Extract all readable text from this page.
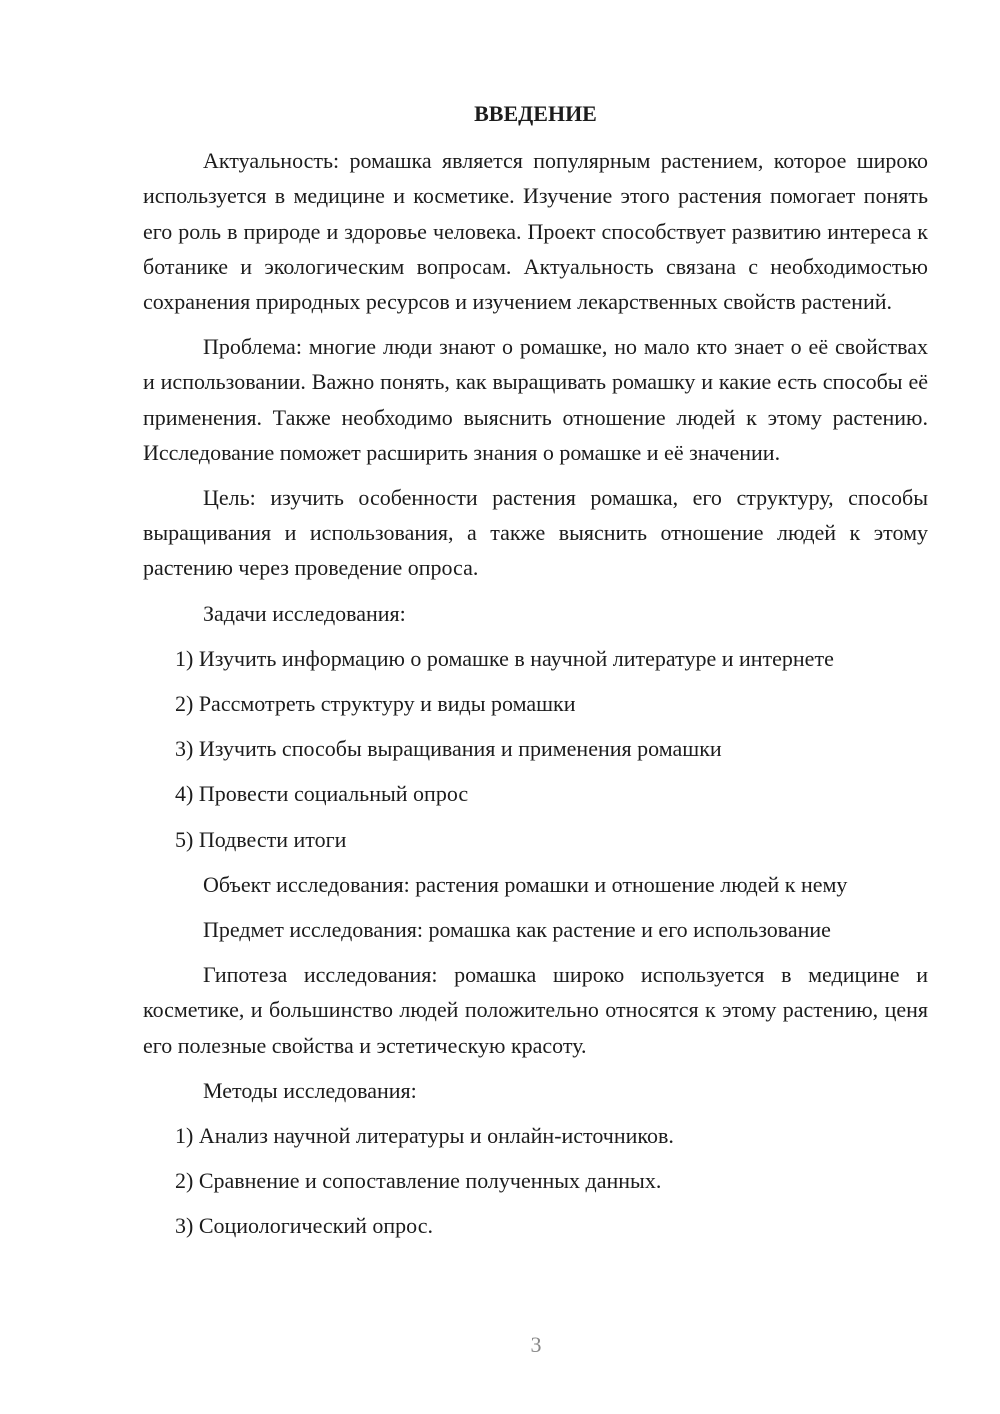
ВВЕДЕНИЕ

Актуальность: ромашка является популярным растением, которое широко используется в медицине и косметике. Изучение этого растения помогает понять его роль в природе и здоровье человека. Проект способствует развитию интереса к ботанике и экологическим вопросам. Актуальность связана с необходимостью сохранения природных ресурсов и изучением лекарственных свойств растений.

Проблема: многие люди знают о ромашке, но мало кто знает о её свойствах и использовании. Важно понять, как выращивать ромашку и какие есть способы её применения. Также необходимо выяснить отношение людей к этому растению. Исследование поможет расширить знания о ромашке и её значении.

Цель: изучить особенности растения ромашка, его структуру, способы выращивания и использования, а также выяснить отношение людей к этому растению через проведение опроса.

Задачи исследования:

1) Изучить информацию о ромашке в научной литературе и интернете
2) Рассмотреть структуру и виды ромашки
3) Изучить способы выращивания и применения ромашки
4) Провести социальный опрос
5) Подвести итоги

Объект исследования: растения ромашки и отношение людей к нему

Предмет исследования: ромашка как растение и его использование

Гипотеза исследования: ромашка широко используется в медицине и косметике, и большинство людей положительно относятся к этому растению, ценя его полезные свойства и эстетическую красоту.

Методы исследования:

1) Анализ научной литературы и онлайн-источников.
2) Сравнение и сопоставление полученных данных.
3) Социологический опрос.
3
